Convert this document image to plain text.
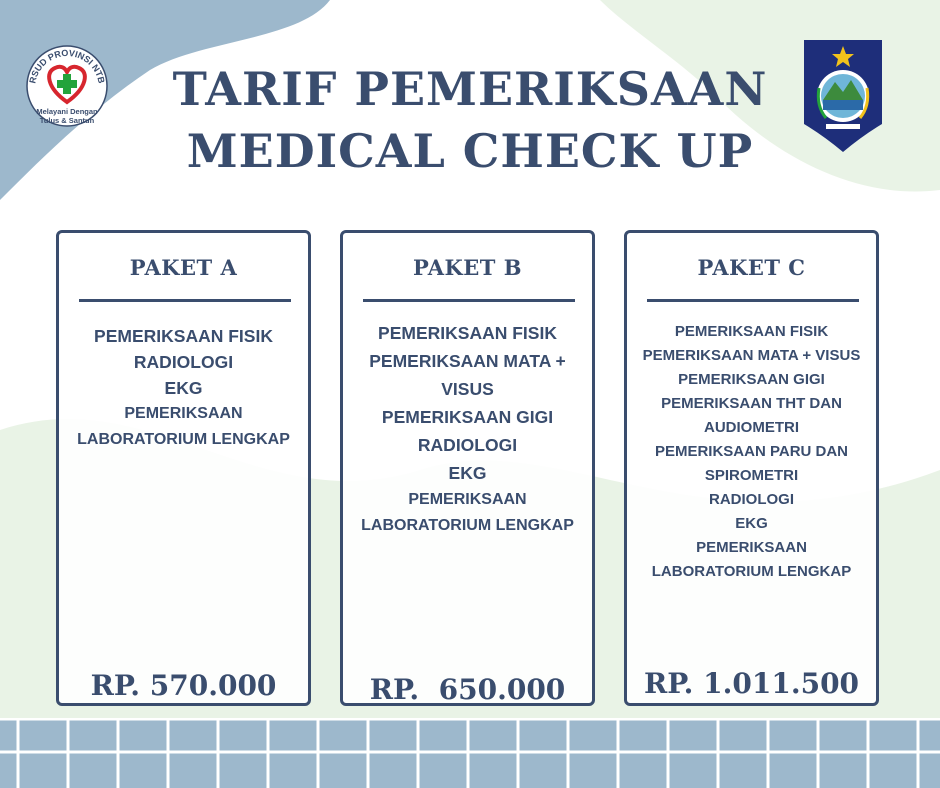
RSUD PROVINSI NTB
Melayani Dengan
Tulus & Santun
TARIF PEMERIKSAAN
MEDICAL CHECK UP
PAKET A
PEMERIKSAAN FISIK
RADIOLOGI
EKG
PEMERIKSAAN
LABORATORIUM LENGKAP
RP. 570.000
PAKET B
PEMERIKSAAN FISIK
PEMERIKSAAN MATA +
VISUS
PEMERIKSAAN GIGI
RADIOLOGI
EKG
PEMERIKSAAN
LABORATORIUM LENGKAP
RP.  650.000
PAKET C
PEMERIKSAAN FISIK
PEMERIKSAAN MATA + VISUS
PEMERIKSAAN GIGI
PEMERIKSAAN THT DAN
AUDIOMETRI
PEMERIKSAAN PARU DAN
SPIROMETRI
RADIOLOGI
EKG
PEMERIKSAAN
LABORATORIUM LENGKAP
RP. 1.011.500
